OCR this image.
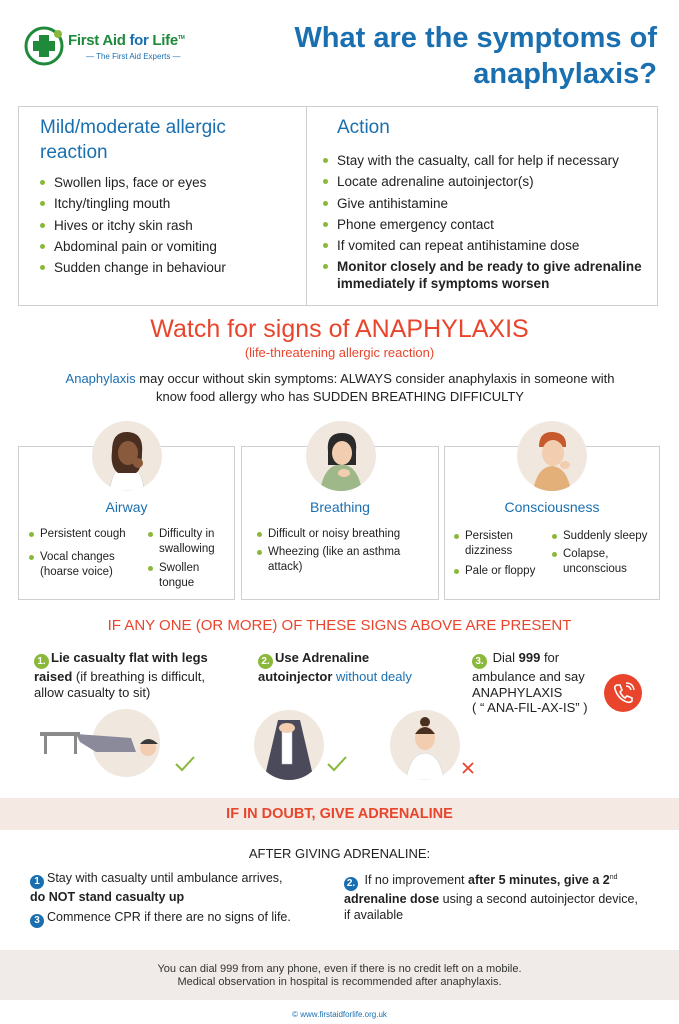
First Aid for Life™
— The First Aid Experts —
What are the symptoms of
anaphylaxis?
Mild/moderate allergic reaction
Swollen lips, face or eyes
Itchy/tingling mouth
Hives or itchy skin rash
Abdominal pain or vomiting
Sudden change in behaviour
Action
Stay with the casualty, call for help if necessary
Locate adrenaline autoinjector(s)
Give antihistamine
Phone emergency contact
If vomited can repeat antihistamine dose
Monitor closely and be ready to give adrenaline immediately if symptoms worsen
Watch for signs of ANAPHYLAXIS
(life-threatening allergic reaction)
Anaphylaxis may occur without skin symptoms: ALWAYS consider anaphylaxis in someone with know food allergy who has SUDDEN BREATHING DIFFICULTY
Airway
Persistent cough
Vocal changes (hoarse voice)
Difficulty in swallowing
Swollen tongue
Breathing
Difficult or noisy breathing
Wheezing (like an asthma attack)
Consciousness
Persisten dizziness
Pale or floppy
Suddenly sleepy
Colapse, unconscious
IF ANY ONE (OR MORE) OF THESE SIGNS ABOVE ARE PRESENT
1. Lie casualty flat with legs raised (if breathing is difficult, allow casualty to sit)
2. Use Adrenaline autoinjector without dealy
3. Dial 999 for ambulance and say ANAPHYLAXIS
( “ ANA-FIL-AX-IS” )
IF IN DOUBT, GIVE ADRENALINE
AFTER GIVING ADRENALINE:
1 Stay with casualty until ambulance arrives,
do NOT stand casualty up
2. If no improvement after 5 minutes, give a 2nd
adrenaline dose using a second autoinjector device, if available
3 Commence CPR if there are no signs of life.
You can dial 999 from any phone, even if there is no credit left on a mobile.
Medical observation in hospital is recommended after anaphylaxis.
© www.firstaidforlife.org.uk
